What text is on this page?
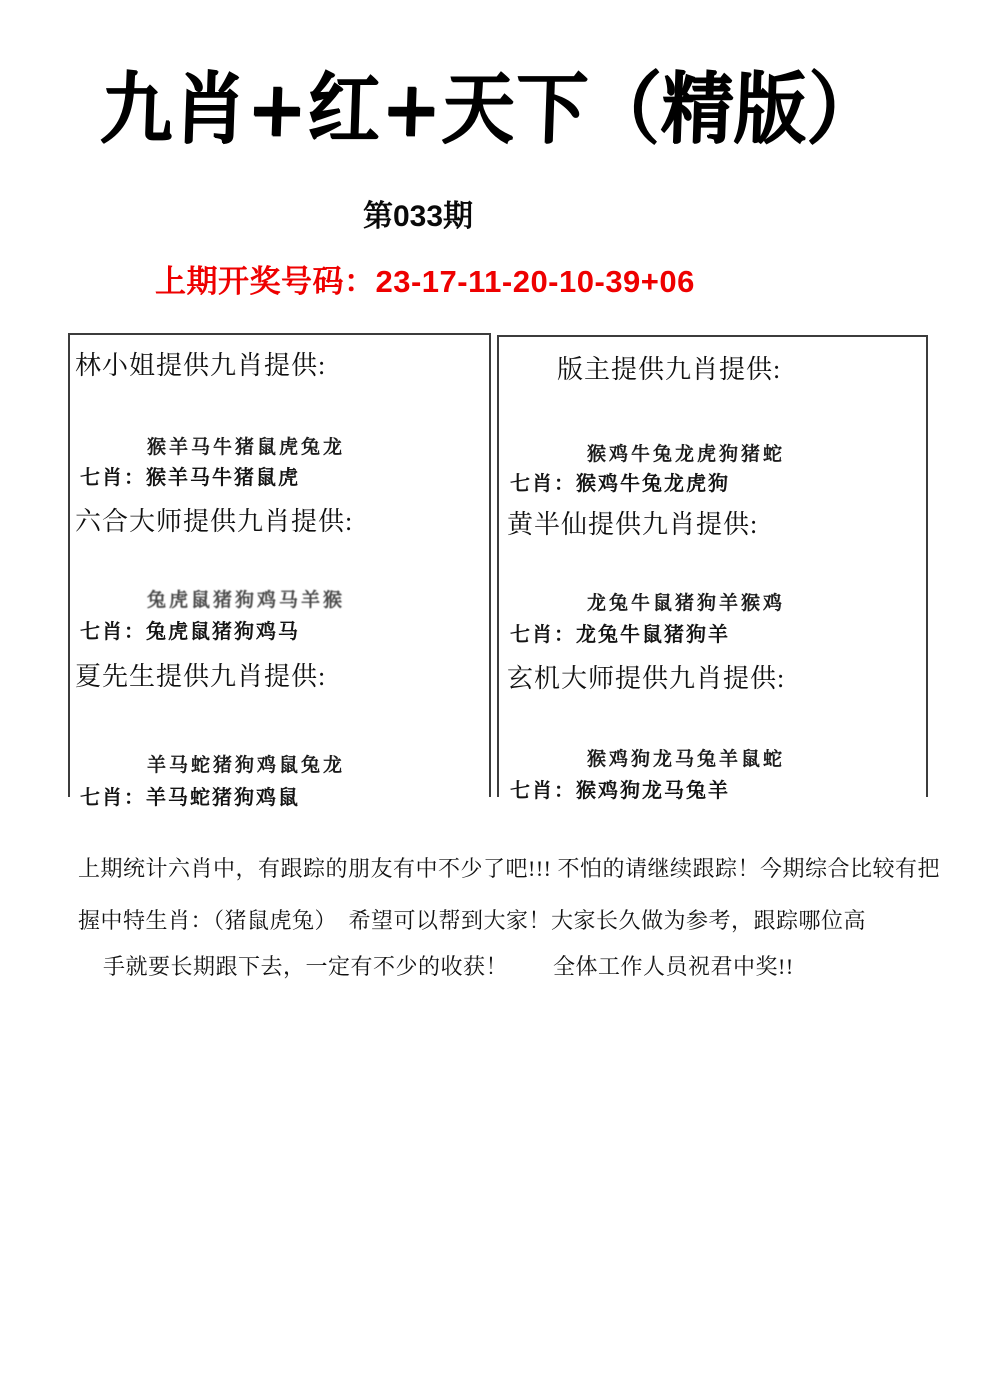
九肖+红+天下（精版）
第033期
上期开奖号码：23-17-11-20-10-39+06
林小姐提供九肖提供:
猴羊马牛猪鼠虎兔龙
七肖：猴羊马牛猪鼠虎
六合大师提供九肖提供:
兔虎鼠猪狗鸡马羊猴
七肖：兔虎鼠猪狗鸡马
夏先生提供九肖提供:
羊马蛇猪狗鸡鼠兔龙
七肖：羊马蛇猪狗鸡鼠
版主提供九肖提供:
猴鸡牛兔龙虎狗猪蛇
七肖：猴鸡牛兔龙虎狗
黄半仙提供九肖提供:
龙兔牛鼠猪狗羊猴鸡
七肖：龙兔牛鼠猪狗羊
玄机大师提供九肖提供:
猴鸡狗龙马兔羊鼠蛇
七肖：猴鸡狗龙马兔羊
上期统计六肖中，有跟踪的朋友有中不少了吧!!! 不怕的请继续跟踪！今期综合比较有把
握中特生肖：（猪鼠虎兔）　希望可以帮到大家！大家长久做为参考，跟踪哪位高
手就要长期跟下去，一定有不少的收获！　　全体工作人员祝君中奖!!
